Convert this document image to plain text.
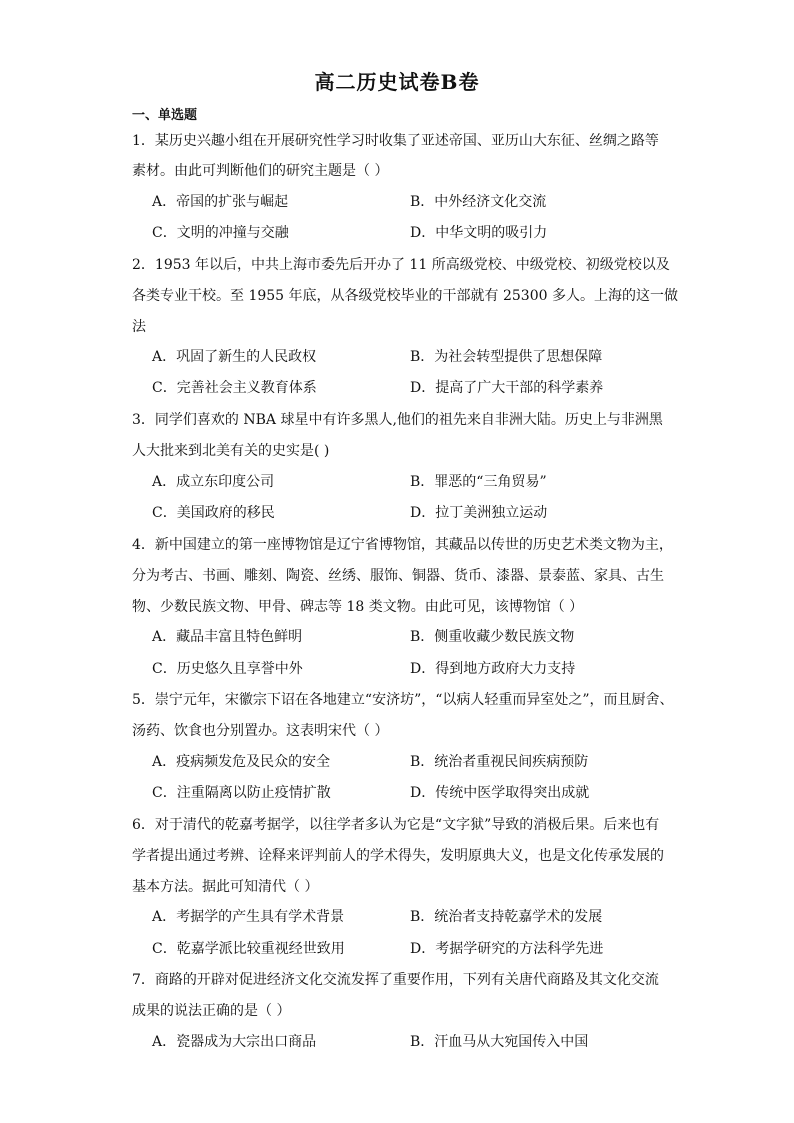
高二历史试卷B卷
一、单选题
1．某历史兴趣小组在开展研究性学习时收集了亚述帝国、亚历山大东征、丝绸之路等
素材。由此可判断他们的研究主题是（ ）
A．帝国的扩张与崛起	B．中外经济文化交流
C．文明的冲撞与交融	D．中华文明的吸引力
2．1953 年以后，中共上海市委先后开办了 11 所高级党校、中级党校、初级党校以及
各类专业干校。至 1955 年底，从各级党校毕业的干部就有 25300 多人。上海的这一做
法
A．巩固了新生的人民政权	B．为社会转型提供了思想保障
C．完善社会主义教育体系	D．提高了广大干部的科学素养
3．同学们喜欢的 NBA 球星中有许多黑人,他们的祖先来自非洲大陆。历史上与非洲黑
人大批来到北美有关的史实是( )
A．成立东印度公司	B．罪恶的“三角贸易”
C．美国政府的移民	D．拉丁美洲独立运动
4．新中国建立的第一座博物馆是辽宁省博物馆，其藏品以传世的历史艺术类文物为主，
分为考古、书画、雕刻、陶瓷、丝绣、服饰、铜器、货币、漆器、景泰蓝、家具、古生
物、少数民族文物、甲骨、碑志等 18 类文物。由此可见，该博物馆（ ）
A．藏品丰富且特色鲜明	B．侧重收藏少数民族文物
C．历史悠久且享誉中外	D．得到地方政府大力支持
5．崇宁元年，宋徽宗下诏在各地建立“安济坊”，“以病人轻重而异室处之”，而且厨舍、
汤药、饮食也分别置办。这表明宋代（ ）
A．疫病频发危及民众的安全	B．统治者重视民间疾病预防
C．注重隔离以防止疫情扩散	D．传统中医学取得突出成就
6．对于清代的乾嘉考据学，以往学者多认为它是“文字狱”导致的消极后果。后来也有
学者提出通过考辨、诠释来评判前人的学术得失，发明原典大义，也是文化传承发展的
基本方法。据此可知清代（ ）
A．考据学的产生具有学术背景	B．统治者支持乾嘉学术的发展
C．乾嘉学派比较重视经世致用	D．考据学研究的方法科学先进
7．商路的开辟对促进经济文化交流发挥了重要作用，下列有关唐代商路及其文化交流
成果的说法正确的是（ ）
A．瓷器成为大宗出口商品	B．汗血马从大宛国传入中国
